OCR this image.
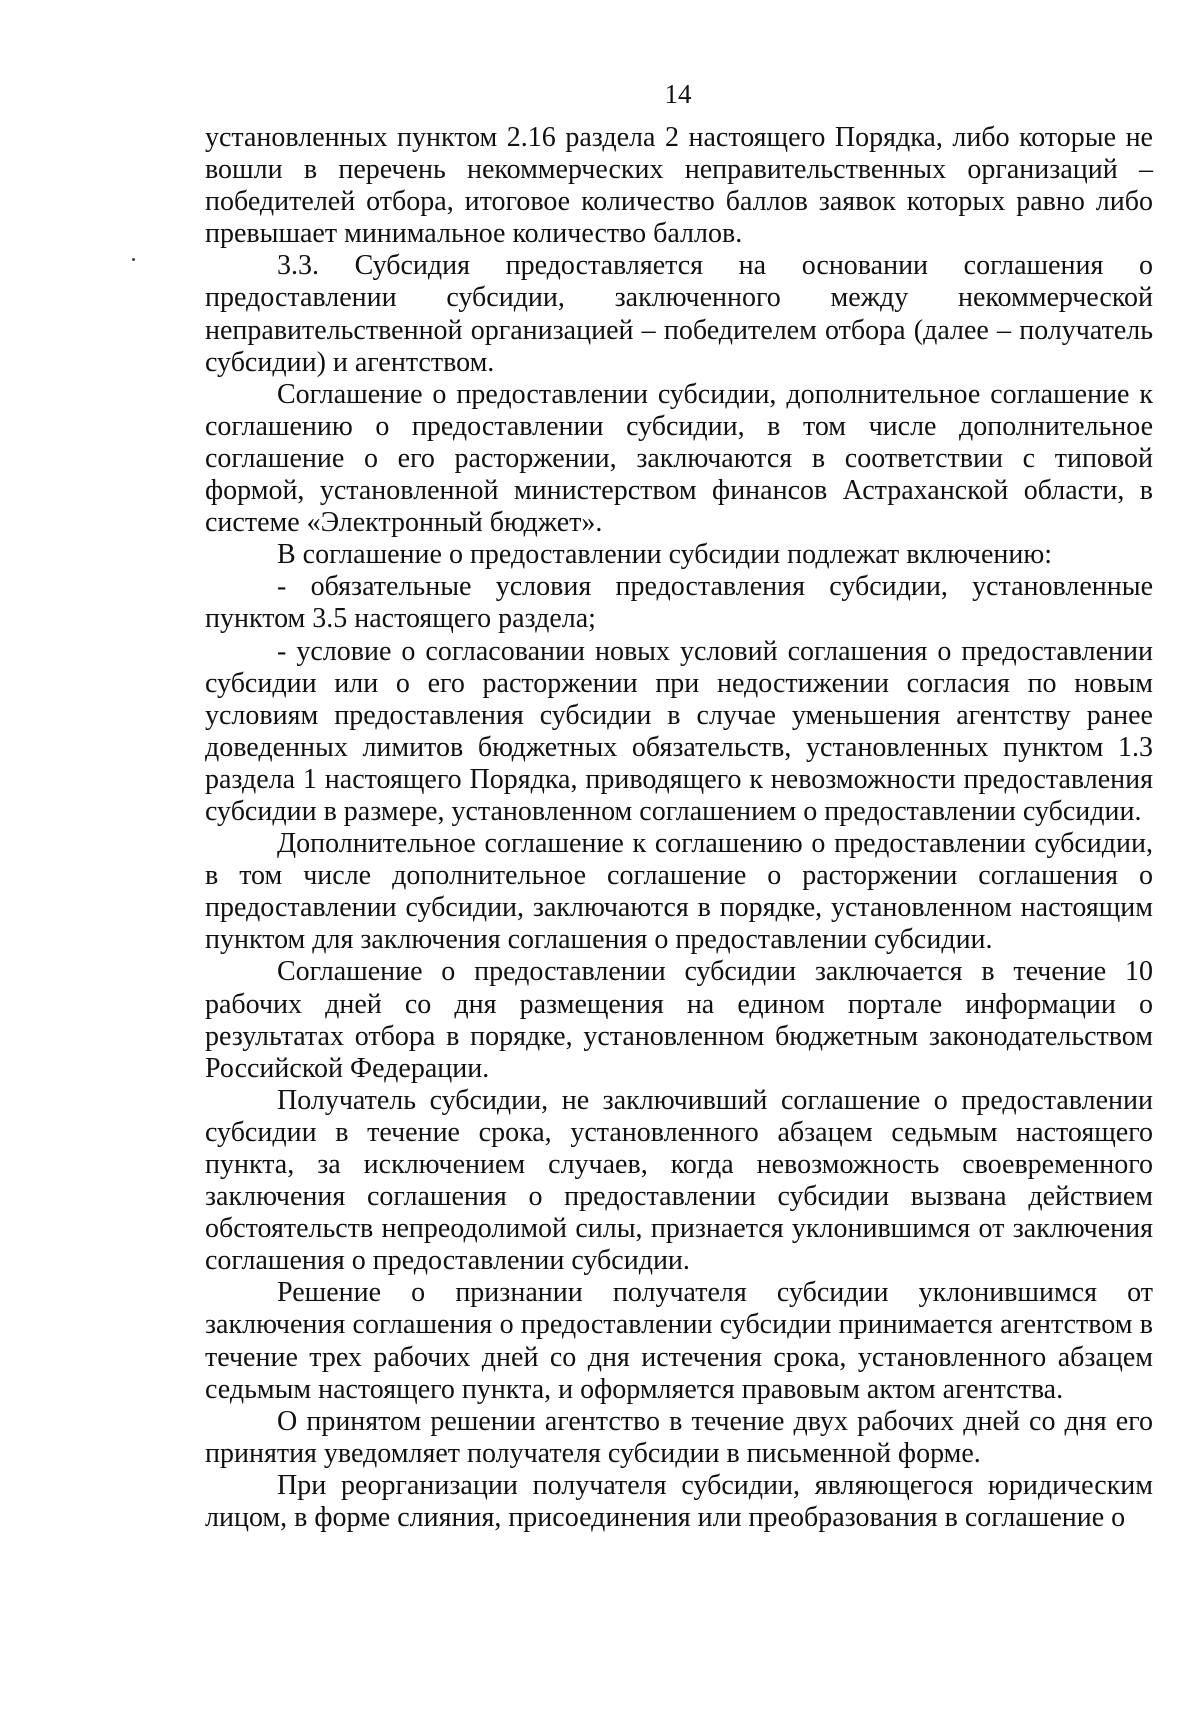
14

установленных пунктом 2.16 раздела 2 настоящего Порядка, либо которые не вошли в перечень некоммерческих неправительственных организаций – победителей отбора, итоговое количество баллов заявок которых равно либо превышает минимальное количество баллов.

3.3. Субсидия предоставляется на основании соглашения о предоставлении субсидии, заключенного между некоммерческой неправительственной организацией – победителем отбора (далее – получатель субсидии) и агентством.

Соглашение о предоставлении субсидии, дополнительное соглашение к соглашению о предоставлении субсидии, в том числе дополнительное соглашение о его расторжении, заключаются в соответствии с типовой формой, установленной министерством финансов Астраханской области, в системе «Электронный бюджет».

В соглашение о предоставлении субсидии подлежат включению:

- обязательные условия предоставления субсидии, установленные пунктом 3.5 настоящего раздела;

- условие о согласовании новых условий соглашения о предоставлении субсидии или о его расторжении при недостижении согласия по новым условиям предоставления субсидии в случае уменьшения агентству ранее доведенных лимитов бюджетных обязательств, установленных пунктом 1.3 раздела 1 настоящего Порядка, приводящего к невозможности предоставления субсидии в размере, установленном соглашением о предоставлении субсидии.

Дополнительное соглашение к соглашению о предоставлении субсидии, в том числе дополнительное соглашение о расторжении соглашения о предоставлении субсидии, заключаются в порядке, установленном настоящим пунктом для заключения соглашения о предоставлении субсидии.

Соглашение о предоставлении субсидии заключается в течение 10 рабочих дней со дня размещения на едином портале информации о результатах отбора в порядке, установленном бюджетным законодательством Российской Федерации.

Получатель субсидии, не заключивший соглашение о предоставлении субсидии в течение срока, установленного абзацем седьмым настоящего пункта, за исключением случаев, когда невозможность своевременного заключения соглашения о предоставлении субсидии вызвана действием обстоятельств непреодолимой силы, признается уклонившимся от заключения соглашения о предоставлении субсидии.

Решение о признании получателя субсидии уклонившимся от заключения соглашения о предоставлении субсидии принимается агентством в течение трех рабочих дней со дня истечения срока, установленного абзацем седьмым настоящего пункта, и оформляется правовым актом агентства.

О принятом решении агентство в течение двух рабочих дней со дня его принятия уведомляет получателя субсидии в письменной форме.

При реорганизации получателя субсидии, являющегося юридическим лицом, в форме слияния, присоединения или преобразования в соглашение о
